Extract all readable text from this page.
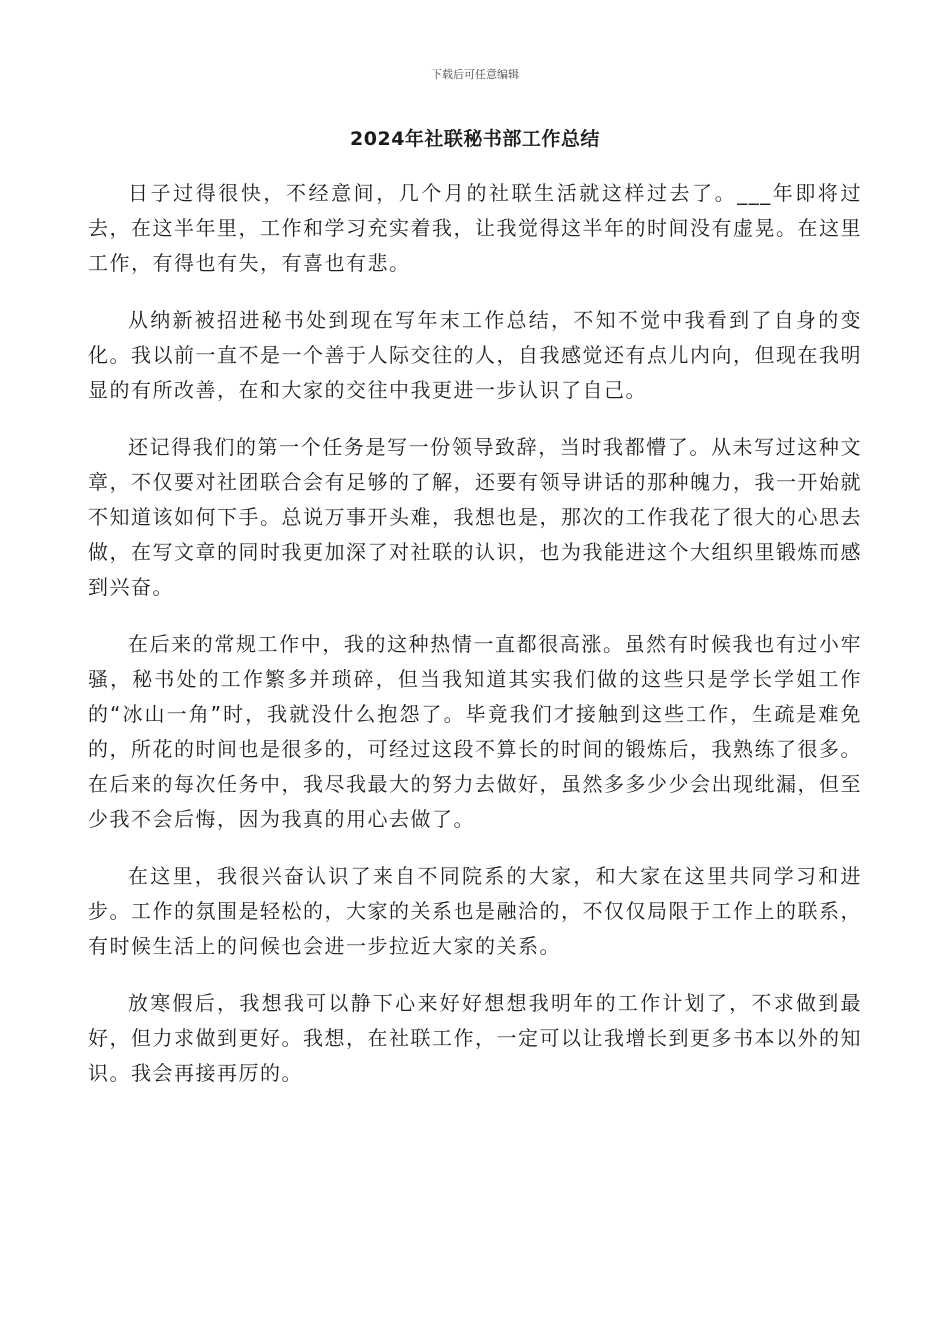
下载后可任意编辑
2024年社联秘书部工作总结

日子过得很快，不经意间，几个月的社联生活就这样过去了。___年即将过去，在这半年里，工作和学习充实着我，让我觉得这半年的时间没有虚晃。在这里工作，有得也有失，有喜也有悲。

从纳新被招进秘书处到现在写年末工作总结，不知不觉中我看到了自身的变化。我以前一直不是一个善于人际交往的人，自我感觉还有点儿内向，但现在我明显的有所改善，在和大家的交往中我更进一步认识了自己。

还记得我们的第一个任务是写一份领导致辞，当时我都懵了。从未写过这种文章，不仅要对社团联合会有足够的了解，还要有领导讲话的那种魄力，我一开始就不知道该如何下手。总说万事开头难，我想也是，那次的工作我花了很大的心思去做，在写文章的同时我更加深了对社联的认识，也为我能进这个大组织里锻炼而感到兴奋。

在后来的常规工作中，我的这种热情一直都很高涨。虽然有时候我也有过小牢骚，秘书处的工作繁多并琐碎，但当我知道其实我们做的这些只是学长学姐工作的“冰山一角”时，我就没什么抱怨了。毕竟我们才接触到这些工作，生疏是难免的，所花的时间也是很多的，可经过这段不算长的时间的锻炼后，我熟练了很多。在后来的每次任务中，我尽我最大的努力去做好，虽然多多少少会出现纰漏，但至少我不会后悔，因为我真的用心去做了。

在这里，我很兴奋认识了来自不同院系的大家，和大家在这里共同学习和进步。工作的氛围是轻松的，大家的关系也是融洽的，不仅仅局限于工作上的联系，有时候生活上的问候也会进一步拉近大家的关系。

放寒假后，我想我可以静下心来好好想想我明年的工作计划了，不求做到最好，但力求做到更好。我想，在社联工作，一定可以让我增长到更多书本以外的知识。我会再接再厉的。
